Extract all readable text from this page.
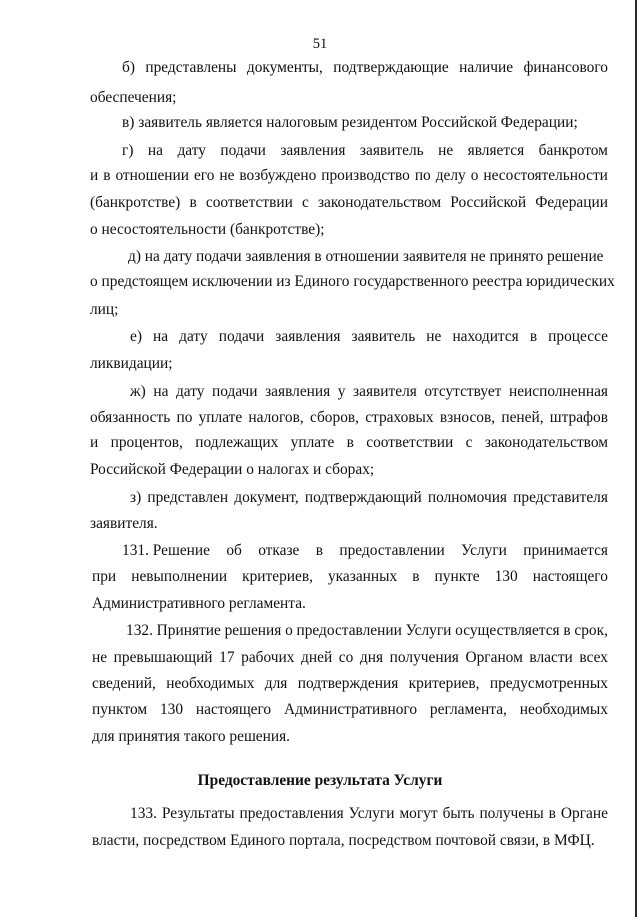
51
б) представлены документы, подтверждающие наличие финансового
обеспечения;
в) заявитель является налоговым резидентом Российской Федерации;
г) на дату подачи заявления заявитель не является банкротом
и в отношении его не возбуждено производство по делу о несостоятельности
(банкротстве) в соответствии с законодательством Российской Федерации
о несостоятельности (банкротстве);
д) на дату подачи заявления в отношении заявителя не принято решение
о предстоящем исключении из Единого государственного реестра юридических
лиц;
е) на дату подачи заявления заявитель не находится в процессе
ликвидации;
ж) на дату подачи заявления у заявителя отсутствует неисполненная
обязанность по уплате налогов, сборов, страховых взносов, пеней, штрафов
и процентов, подлежащих уплате в соответствии с законодательством
Российской Федерации о налогах и сборах;
з) представлен документ, подтверждающий полномочия представителя
заявителя.
131. Решение об отказе в предоставлении Услуги принимается
при невыполнении критериев, указанных в пункте 130 настоящего
Административного регламента.
132. Принятие решения о предоставлении Услуги осуществляется в срок,
не превышающий 17 рабочих дней со дня получения Органом власти всех
сведений, необходимых для подтверждения критериев, предусмотренных
пунктом 130 настоящего Административного регламента, необходимых
для принятия такого решения.
133. Результаты предоставления Услуги могут быть получены в Органе
власти, посредством Единого портала, посредством почтовой связи, в МФЦ.
Предоставление результата Услуги
